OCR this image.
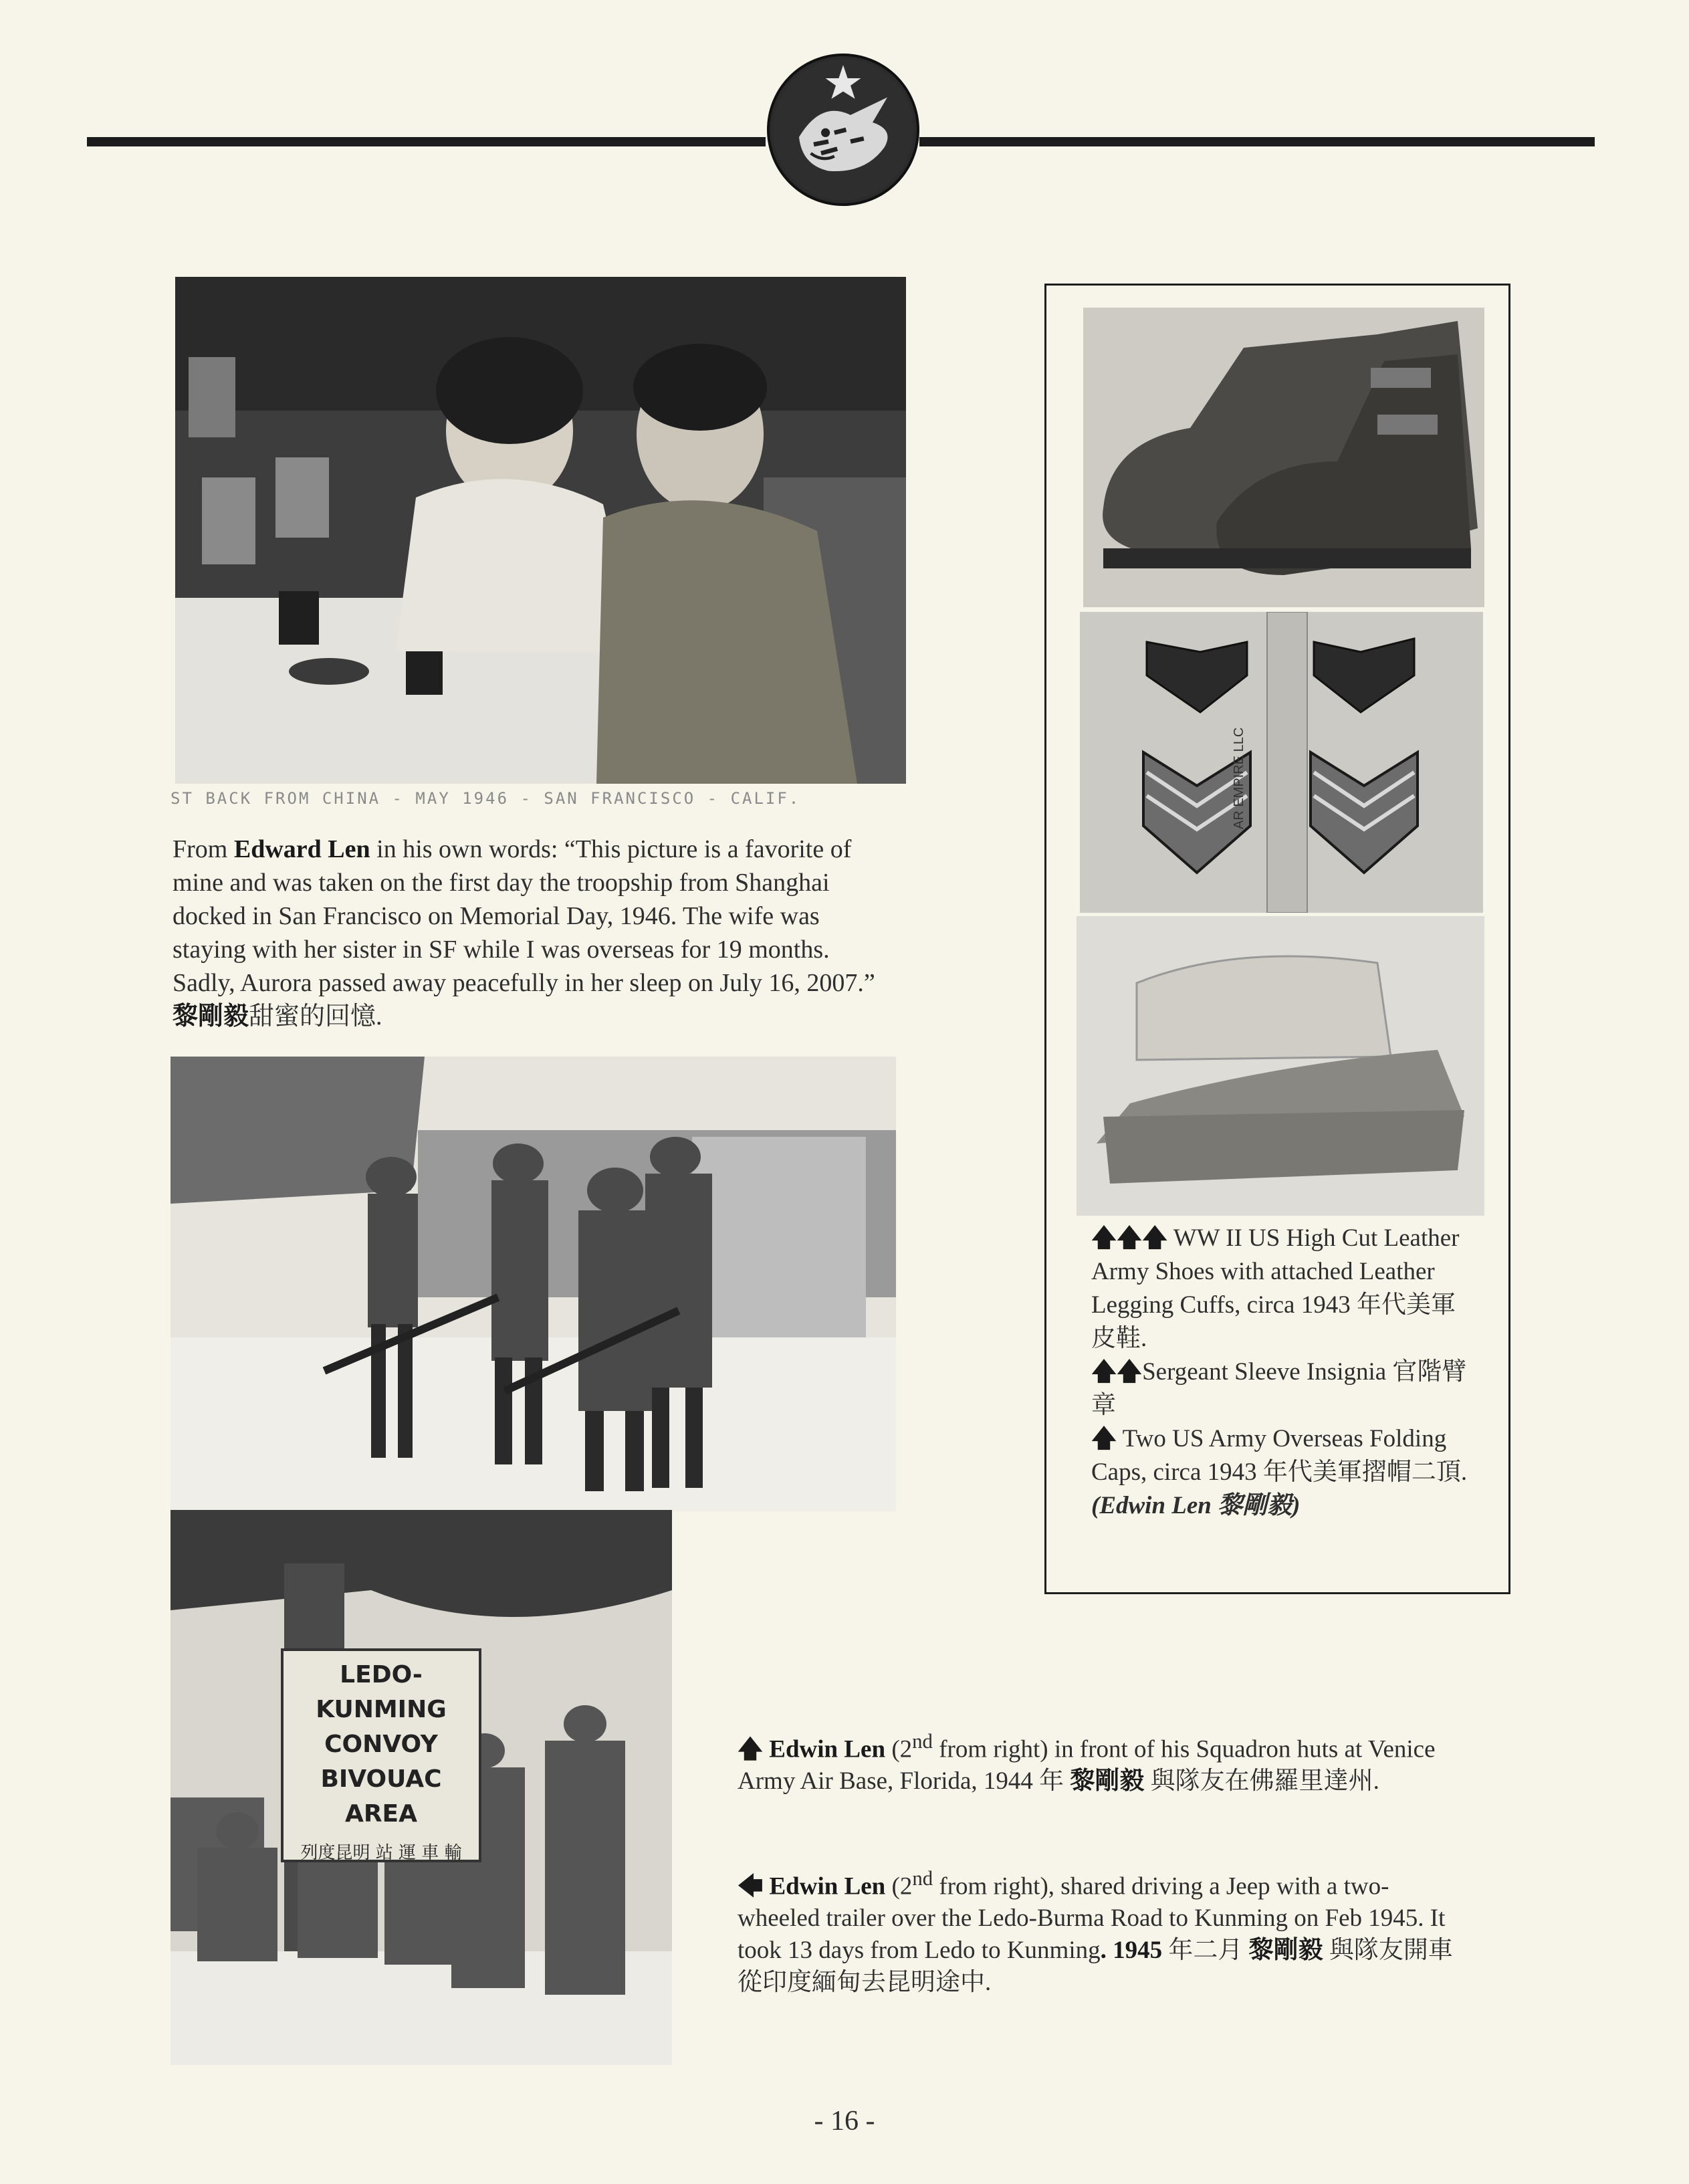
ST BACK FROM CHINA - MAY 1946 - SAN FRANCISCO - CALIF.
From Edward Len in his own words: “This picture is a favorite of mine and was taken on the first day the troopship from Shanghai docked in San Francisco on Memorial Day, 1946. The wife was staying with her sister in SF while I was overseas for 19 months. Sadly, Aurora passed away peacefully in her sleep on July 16, 2007.” 黎剛毅甜蜜的回憶.
LEDO-KUNMING
CONVOY
BIVOUAC AREA
列度昆明 站 運 車 輸
AR EMPIRE LLC
🡅🡅🡅 WW II US High Cut Leather Army Shoes with attached Leather Legging Cuffs, circa 1943 年代美軍皮鞋.
🡅🡅Sergeant Sleeve Insignia 官階臂章
🡅 Two US Army Overseas Folding Caps, circa 1943 年代美軍摺帽二頂. (Edwin Len 黎剛毅)
🡅 Edwin Len (2nd from right) in front of his Squadron huts at Venice Army Air Base, Florida, 1944 年 黎剛毅 與隊友在佛羅里達州.
🡄 Edwin Len (2nd from right), shared driving a Jeep with a two-wheeled trailer over the Ledo-Burma Road to Kunming on Feb 1945. It took 13 days from Ledo to Kunming. 1945 年二月 黎剛毅 與隊友開車從印度緬甸去昆明途中.
- 16 -
